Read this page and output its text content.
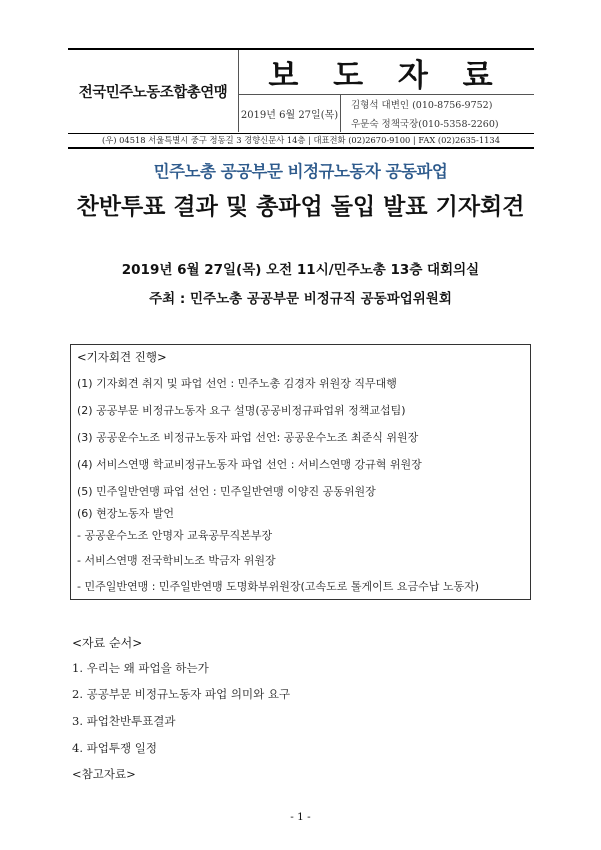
전국민주노동조합총연맹	보 도 자 료
2019년 6월 27일(목)
김형석 대변인 (010-8756-9752)
우문숙 정책국장(010-5358-2260)
(우) 04518 서울특별시 중구 정동길 3 경향신문사 14층 | 대표전화 (02)2670-9100 | FAX (02)2635-1134
민주노총 공공부문 비정규노동자 공동파업
찬반투표 결과 및 총파업 돌입 발표 기자회견
2019년 6월 27일(목) 오전 11시/민주노총 13층 대회의실
주최 : 민주노총 공공부문 비정규직 공동파업위원회
<기자회견 진행>
(1) 기자회견 취지 및 파업 선언 : 민주노총 김경자 위원장 직무대행
(2) 공공부문 비정규노동자 요구 설명(공공비정규파업위 정책교섭팀)
(3) 공공운수노조 비정규노동자 파업 선언: 공공운수노조 최준식 위원장
(4) 서비스연맹 학교비정규노동자 파업 선언 : 서비스연맹 강규혁 위원장
(5) 민주일반연맹 파업 선언 : 민주일반연맹 이양진 공동위원장
(6) 현장노동자 발언
- 공공운수노조 안명자 교육공무직본부장
- 서비스연맹 전국학비노조 박금자 위원장
- 민주일반연맹 : 민주일반연맹 도명화부위원장(고속도로 톨게이트 요금수납 노동자)
<자료 순서>
1. 우리는 왜 파업을 하는가
2. 공공부문 비정규노동자 파업 의미와 요구
3. 파업찬반투표결과
4. 파업투쟁 일정
<참고자료>
- 1 -
